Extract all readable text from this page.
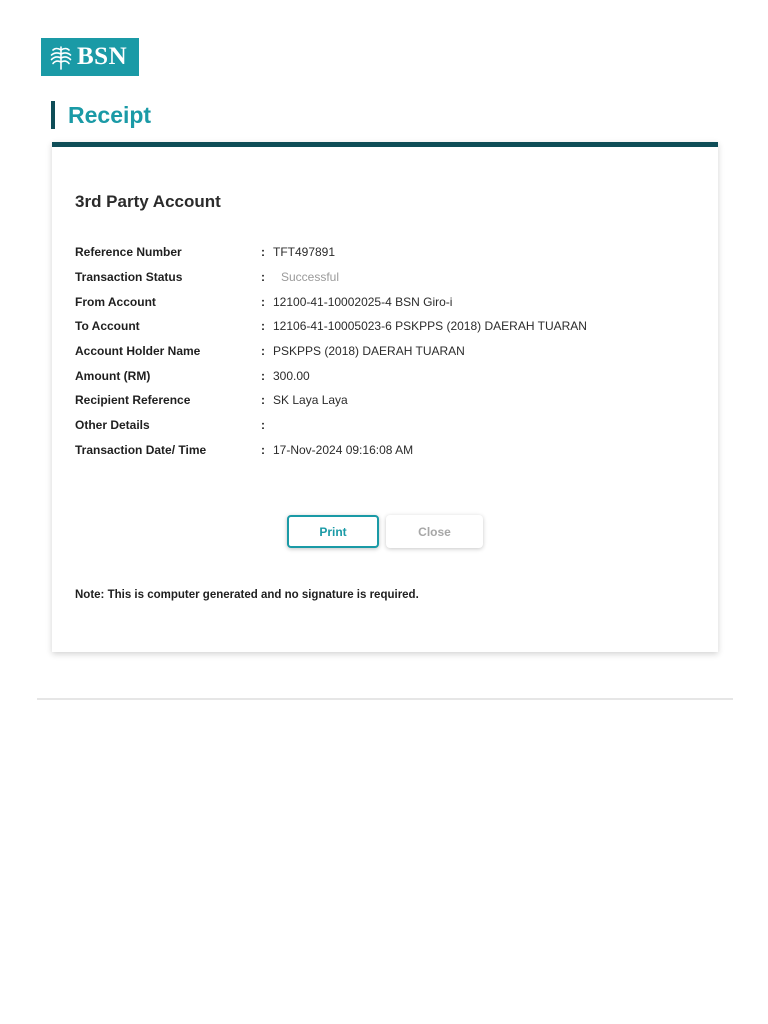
BSN
Receipt
3rd Party Account
Reference Number	: TFT497891
Transaction Status	:	Successful
From Account	: 12100-41-10002025-4 BSN Giro-i
To Account	: 12106-41-10005023-6 PSKPPS (2018) DAERAH TUARAN
Account Holder Name	: PSKPPS (2018) DAERAH TUARAN
Amount (RM)	: 300.00
Recipient Reference	: SK Laya Laya
Other Details	:
Transaction Date/ Time	: 17-Nov-2024 09:16:08 AM
Print	Close
Note: This is computer generated and no signature is required.
